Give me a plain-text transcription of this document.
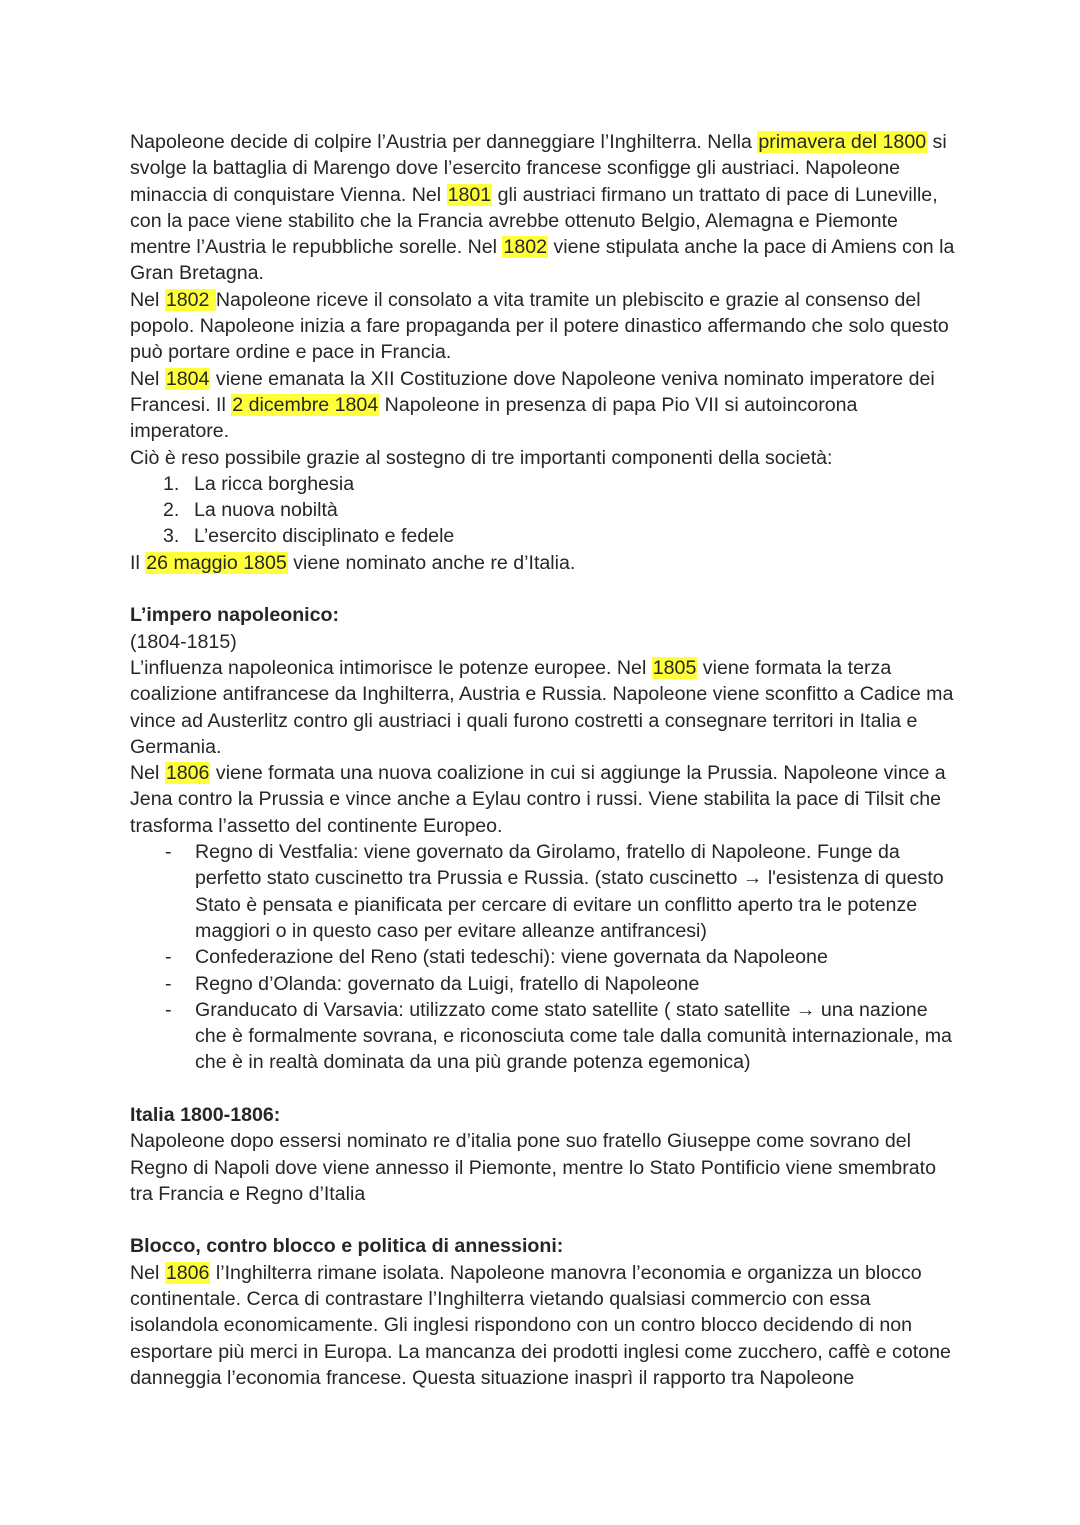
Napoleone decide di colpire l’Austria per danneggiare l’Inghilterra. Nella primavera del 1800 si svolge la battaglia di Marengo dove l’esercito francese sconfigge gli austriaci. Napoleone minaccia di conquistare Vienna. Nel 1801 gli austriaci firmano un trattato di pace di Luneville, con la pace viene stabilito che la Francia avrebbe ottenuto Belgio, Alemagna e Piemonte mentre l’Austria le repubbliche sorelle. Nel 1802 viene stipulata anche la pace di Amiens con la Gran Bretagna.

Nel 1802 Napoleone riceve il consolato a vita tramite un plebiscito e grazie al consenso del popolo. Napoleone inizia a fare propaganda per il potere dinastico affermando che solo questo può portare ordine e pace in Francia.

Nel 1804 viene emanata la XII Costituzione dove Napoleone veniva nominato imperatore dei Francesi. Il 2 dicembre 1804 Napoleone in presenza di papa Pio VII si autoincorona imperatore.

Ciò è reso possibile grazie al sostegno di tre importanti componenti della società:

1. La ricca borghesia
2. La nuova nobiltà
3. L’esercito disciplinato e fedele

Il 26 maggio 1805 viene nominato anche re d’Italia.

L’impero napoleonico:

(1804-1815)

L’influenza napoleonica intimorisce le potenze europee. Nel 1805 viene formata la terza coalizione antifrancese da Inghilterra, Austria e Russia. Napoleone viene sconfitto a Cadice ma vince ad Austerlitz contro gli austriaci i quali furono costretti a consegnare territori in Italia e Germania.

Nel 1806 viene formata una nuova coalizione in cui si aggiunge la Prussia. Napoleone vince a Jena contro la Prussia e vince anche a Eylau contro i russi. Viene stabilita la pace di Tilsit che trasforma l’assetto del continente Europeo.

- Regno di Vestfalia: viene governato da Girolamo, fratello di Napoleone. Funge da perfetto stato cuscinetto tra Prussia e Russia. (stato cuscinetto → l'esistenza di questo Stato è pensata e pianificata per cercare di evitare un conflitto aperto tra le potenze maggiori o in questo caso per evitare alleanze antifrancesi)
- Confederazione del Reno (stati tedeschi): viene governata da Napoleone
- Regno d’Olanda: governato da Luigi, fratello di Napoleone
- Granducato di Varsavia: utilizzato come stato satellite ( stato satellite → una nazione che è formalmente sovrana, e riconosciuta come tale dalla comunità internazionale, ma che è in realtà dominata da una più grande potenza egemonica)
Italia 1800-1806:

Napoleone dopo essersi nominato re d’italia pone suo fratello Giuseppe come sovrano del Regno di Napoli dove viene annesso il Piemonte, mentre lo Stato Pontificio viene smembrato tra Francia e Regno d’Italia

Blocco, contro blocco e politica di annessioni:

Nel 1806 l’Inghilterra rimane isolata. Napoleone manovra l’economia e organizza un blocco continentale. Cerca di contrastare l’Inghilterra vietando qualsiasi commercio con essa isolandola economicamente. Gli inglesi rispondono con un contro blocco decidendo di non esportare più merci in Europa. La mancanza dei prodotti inglesi come zucchero, caffè e cotone danneggia l’economia francese. Questa situazione inasprì il rapporto tra Napoleone
